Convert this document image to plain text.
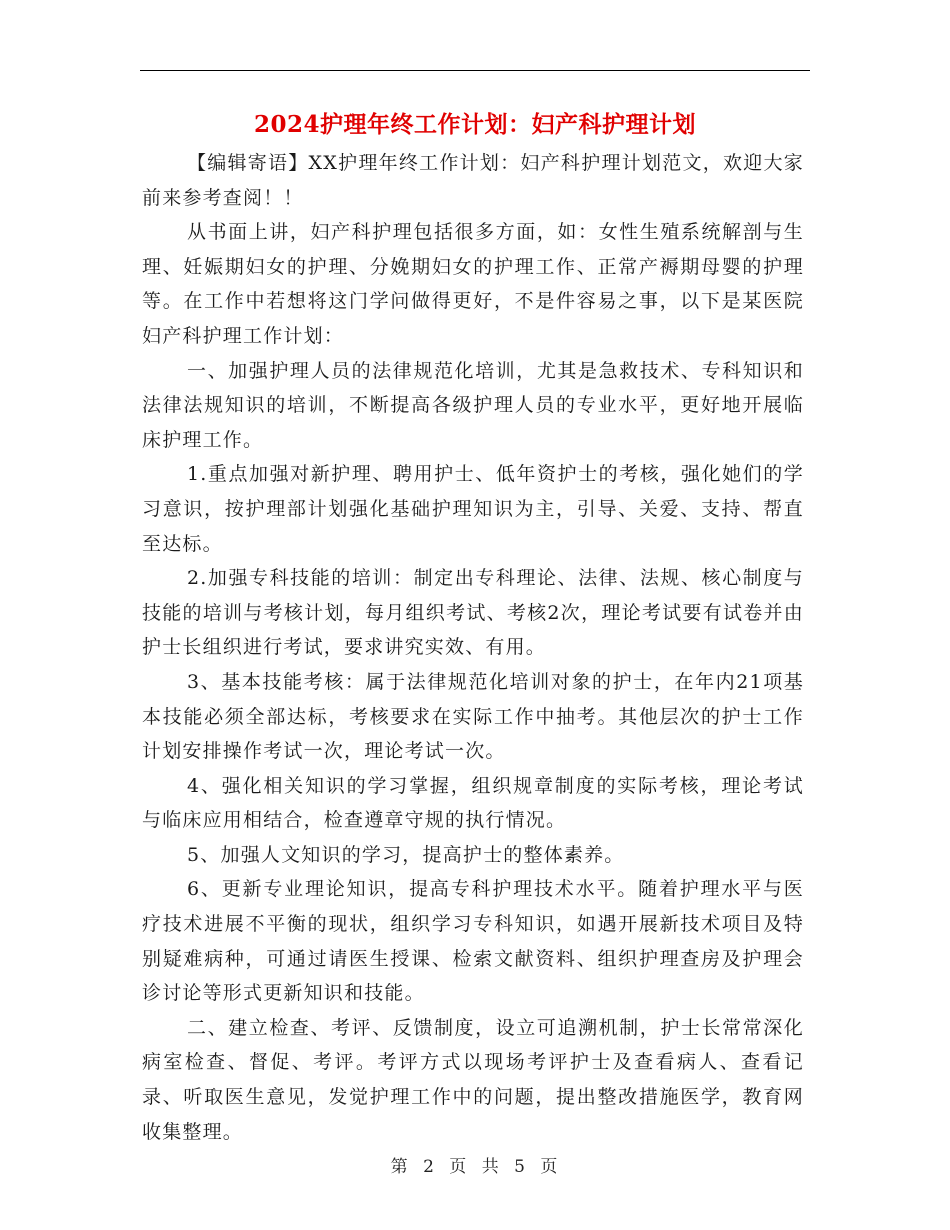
2024护理年终工作计划：妇产科护理计划

【编辑寄语】XX护理年终工作计划：妇产科护理计划范文，欢迎大家前来参考查阅！！

从书面上讲，妇产科护理包括很多方面，如：女性生殖系统解剖与生理、妊娠期妇女的护理、分娩期妇女的护理工作、正常产褥期母婴的护理等。在工作中若想将这门学问做得更好，不是件容易之事，以下是某医院妇产科护理工作计划：

一、加强护理人员的法律规范化培训，尤其是急救技术、专科知识和法律法规知识的培训，不断提高各级护理人员的专业水平，更好地开展临床护理工作。

1.重点加强对新护理、聘用护士、低年资护士的考核，强化她们的学习意识，按护理部计划强化基础护理知识为主，引导、关爱、支持、帮直至达标。

2.加强专科技能的培训：制定出专科理论、法律、法规、核心制度与技能的培训与考核计划，每月组织考试、考核2次，理论考试要有试卷并由护士长组织进行考试，要求讲究实效、有用。

3、基本技能考核：属于法律规范化培训对象的护士，在年内21项基本技能必须全部达标，考核要求在实际工作中抽考。其他层次的护士工作计划安排操作考试一次，理论考试一次。

4、强化相关知识的学习掌握，组织规章制度的实际考核，理论考试与临床应用相结合，检查遵章守规的执行情况。

5、加强人文知识的学习，提高护士的整体素养。

6、更新专业理论知识，提高专科护理技术水平。随着护理水平与医疗技术进展不平衡的现状，组织学习专科知识，如遇开展新技术项目及特别疑难病种，可通过请医生授课、检索文献资料、组织护理查房及护理会诊讨论等形式更新知识和技能。

二、建立检查、考评、反馈制度，设立可追溯机制，护士长常常深化病室检查、督促、考评。考评方式以现场考评护士及查看病人、查看记录、听取医生意见，发觉护理工作中的问题，提出整改措施医学，教育网收集整理。

第 2 页 共 5 页
